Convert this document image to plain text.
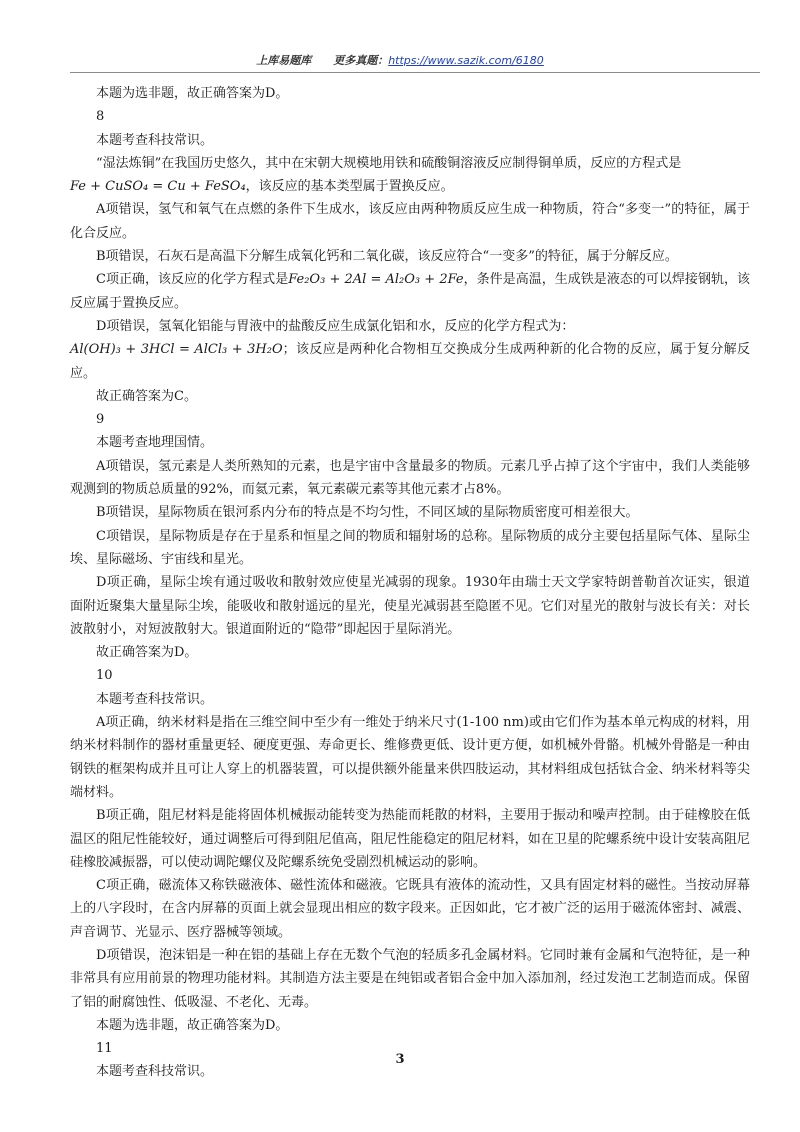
上库易题库 更多真题：https://www.sazik.com/6180

本题为选非题，故正确答案为D。

8

本题考查科技常识。

“湿法炼铜”在我国历史悠久，其中在宋朝大规模地用铁和硫酸铜溶液反应制得铜单质，反应的方程式是

Fe + CuSO₄ = Cu + FeSO₄，该反应的基本类型属于置换反应。

A项错误，氢气和氧气在点燃的条件下生成水，该反应由两种物质反应生成一种物质，符合“多变一”的特征，属于化合反应。

B项错误，石灰石是高温下分解生成氧化钙和二氧化碳，该反应符合“一变多”的特征，属于分解反应。

C项正确，该反应的化学方程式是Fe₂O₃ + 2Al = Al₂O₃ + 2Fe，条件是高温，生成铁是液态的可以焊接钢轨，该反应属于置换反应。

D项错误，氢氧化铝能与胃液中的盐酸反应生成氯化铝和水，反应的化学方程式为：

Al(OH)₃ + 3HCl = AlCl₃ + 3H₂O；该反应是两种化合物相互交换成分生成两种新的化合物的反应，属于复分解反应。

故正确答案为C。

9

本题考查地理国情。

A项错误，氢元素是人类所熟知的元素，也是宇宙中含量最多的物质。元素几乎占掉了这个宇宙中，我们人类能够观测到的物质总质量的92%，而氦元素，氧元素碳元素等其他元素才占8%。

B项错误，星际物质在银河系内分布的特点是不均匀性，不同区域的星际物质密度可相差很大。

C项错误，星际物质是存在于星系和恒星之间的物质和辐射场的总称。星际物质的成分主要包括星际气体、星际尘埃、星际磁场、宇宙线和星光。

D项正确，星际尘埃有通过吸收和散射效应使星光减弱的现象。1930年由瑞士天文学家特朗普勒首次证实，银道面附近聚集大量星际尘埃，能吸收和散射遥远的星光，使星光减弱甚至隐匿不见。它们对星光的散射与波长有关：对长波散射小，对短波散射大。银道面附近的“隐带”即起因于星际消光。

故正确答案为D。

10

本题考查科技常识。

A项正确，纳米材料是指在三维空间中至少有一维处于纳米尺寸(1-100 nm)或由它们作为基本单元构成的材料，用纳米材料制作的器材重量更轻、硬度更强、寿命更长、维修费更低、设计更方便，如机械外骨骼。机械外骨骼是一种由钢铁的框架构成并且可让人穿上的机器装置，可以提供额外能量来供四肢运动，其材料组成包括钛合金、纳米材料等尖端材料。

B项正确，阻尼材料是能将固体机械振动能转变为热能而耗散的材料，主要用于振动和噪声控制。由于硅橡胶在低温区的阻尼性能较好，通过调整后可得到阻尼值高，阻尼性能稳定的阻尼材料，如在卫星的陀螺系统中设计安装高阻尼硅橡胶减振器，可以使动调陀螺仪及陀螺系统免受剧烈机械运动的影响。

C项正确，磁流体又称铁磁液体、磁性流体和磁液。它既具有液体的流动性，又具有固定材料的磁性。当按动屏幕上的八字段时，在含内屏幕的页面上就会显现出相应的数字段来。正因如此，它才被广泛的运用于磁流体密封、减震、声音调节、光显示、医疗器械等领域。

D项错误，泡沫铝是一种在铝的基础上存在无数个气泡的轻质多孔金属材料。它同时兼有金属和气泡特征，是一种非常具有应用前景的物理功能材料。其制造方法主要是在纯铝或者铝合金中加入添加剂，经过发泡工艺制造而成。保留了铝的耐腐蚀性、低吸湿、不老化、无毒。

本题为选非题，故正确答案为D。

11

本题考查科技常识。

3
